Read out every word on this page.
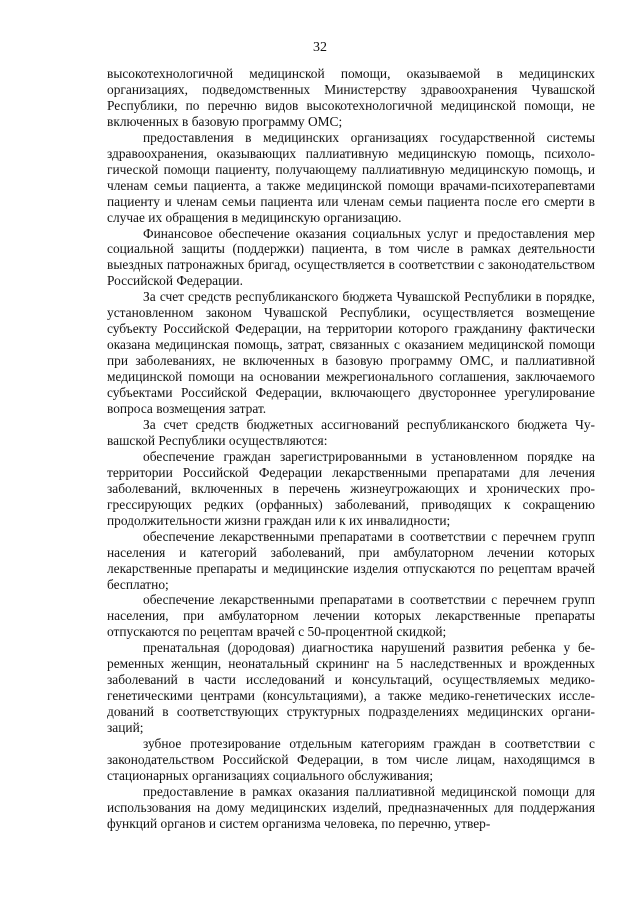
32

высокотехнологичной медицинской помощи, оказываемой в медицинских организациях, подведомственных Министерству здравоохранения Чувашской Республики, по перечню видов высокотехнологичной медицинской помощи, не включенных в базовую программу ОМС;

предоставления в медицинских организациях государственной системы здравоохранения, оказывающих паллиативную медицинскую помощь, психологической помощи пациенту, получающему паллиативную медицинскую помощь, и членам семьи пациента, а также медицинской помощи врачами-психотерапевтами пациенту и членам семьи пациента или членам семьи пациента после его смерти в случае их обращения в медицинскую организацию.

Финансовое обеспечение оказания социальных услуг и предоставления мер социальной защиты (поддержки) пациента, в том числе в рамках деятельности выездных патронажных бригад, осуществляется в соответствии с законодательством Российской Федерации.

За счет средств республиканского бюджета Чувашской Республики в порядке, установленном законом Чувашской Республики, осуществляется возмещение субъекту Российской Федерации, на территории которого гражданину фактически оказана медицинская помощь, затрат, связанных с оказанием медицинской помощи при заболеваниях, не включенных в базовую программу ОМС, и паллиативной медицинской помощи на основании межрегионального соглашения, заключаемого субъектами Российской Федерации, включающего двустороннее урегулирование вопроса возмещения затрат.

За счет средств бюджетных ассигнований республиканского бюджета Чувашской Республики осуществляются:

обеспечение граждан зарегистрированными в установленном порядке на территории Российской Федерации лекарственными препаратами для лечения заболеваний, включенных в перечень жизнеугрожающих и хронических прогрессирующих редких (орфанных) заболеваний, приводящих к сокращению продолжительности жизни граждан или к их инвалидности;

обеспечение лекарственными препаратами в соответствии с перечнем групп населения и категорий заболеваний, при амбулаторном лечении которых лекарственные препараты и медицинские изделия отпускаются по рецептам врачей бесплатно;

обеспечение лекарственными препаратами в соответствии с перечнем групп населения, при амбулаторном лечении которых лекарственные препараты отпускаются по рецептам врачей с 50-процентной скидкой;

пренатальная (дородовая) диагностика нарушений развития ребенка у беременных женщин, неонатальный скрининг на 5 наследственных и врожденных заболеваний в части исследований и консультаций, осуществляемых медико-генетическими центрами (консультациями), а также медико-генетических исследований в соответствующих структурных подразделениях медицинских организаций;

зубное протезирование отдельным категориям граждан в соответствии с законодательством Российской Федерации, в том числе лицам, находящимся в стационарных организациях социального обслуживания;

предоставление в рамках оказания паллиативной медицинской помощи для использования на дому медицинских изделий, предназначенных для поддержания функций органов и систем организма человека, по перечню, утвер-
